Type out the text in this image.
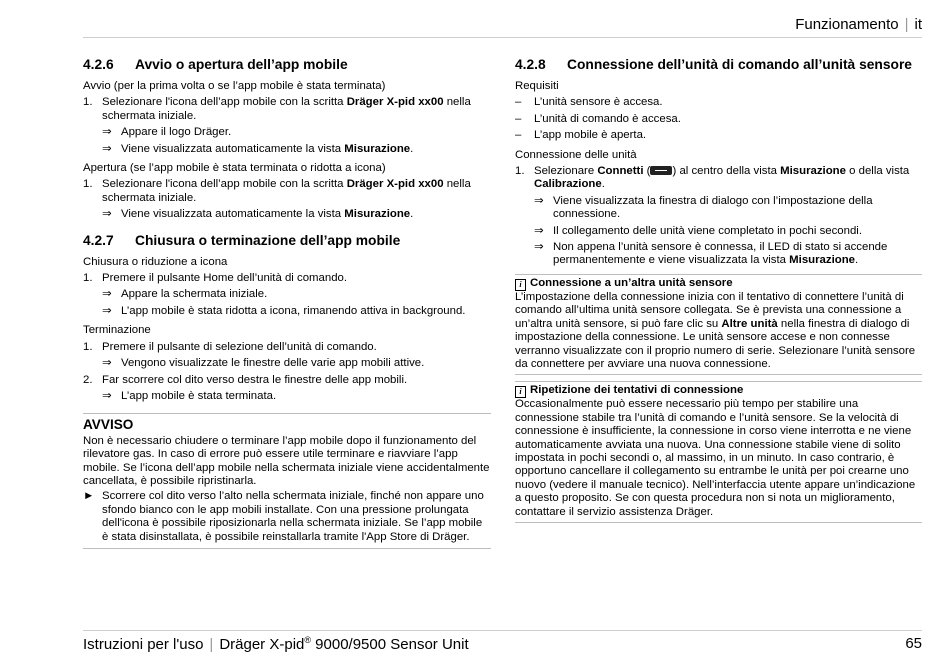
Funzionamento | it
4.2.6 Avvio o apertura dell’app mobile
Avvio (per la prima volta o se l’app mobile è stata terminata)
1. Selezionare l'icona dell’app mobile con la scritta Dräger X-pid xx00 nella schermata iniziale.
⇒ Appare il logo Dräger.
⇒ Viene visualizzata automaticamente la vista Misurazione.
Apertura (se l’app mobile è stata terminata o ridotta a icona)
1. Selezionare l'icona dell’app mobile con la scritta Dräger X-pid xx00 nella schermata iniziale.
⇒ Viene visualizzata automaticamente la vista Misurazione.
4.2.7 Chiusura o terminazione dell’app mobile
Chiusura o riduzione a icona
1. Premere il pulsante Home dell’unità di comando.
⇒ Appare la schermata iniziale.
⇒ L’app mobile è stata ridotta a icona, rimanendo attiva in background.
Terminazione
1. Premere il pulsante di selezione dell’unità di comando.
⇒ Vengono visualizzate le finestre delle varie app mobili attive.
2. Far scorrere col dito verso destra le finestre delle app mobili.
⇒ L’app mobile è stata terminata.
AVVISO
Non è necessario chiudere o terminare l’app mobile dopo il funzionamento del rilevatore gas. In caso di errore può essere utile terminare e riavviare l’app mobile. Se l’icona dell’app mobile nella schermata iniziale viene accidentalmente cancellata, è possibile ripristinarla.
► Scorrere col dito verso l’alto nella schermata iniziale, finché non appare uno sfondo bianco con le app mobili installate. Con una pressione prolungata dell'icona è possibile riposizionarla nella schermata iniziale. Se l’app mobile è stata disinstallata, è possibile reinstallarla tramite l'App Store di Dräger.
4.2.8 Connessione dell’unità di comando all’unità sensore
Requisiti
– L’unità sensore è accesa.
– L’unità di comando è accesa.
– L’app mobile è aperta.
Connessione delle unità
1. Selezionare Connetti ( ) al centro della vista Misurazione o della vista Calibrazione.
⇒ Viene visualizzata la finestra di dialogo con l’impostazione della connessione.
⇒ Il collegamento delle unità viene completato in pochi secondi.
⇒ Non appena l’unità sensore è connessa, il LED di stato si accende permanentemente e viene visualizzata la vista Misurazione.
i Connessione a un’altra unità sensore
L’impostazione della connessione inizia con il tentativo di connettere l’unità di comando all’ultima unità sensore collegata. Se è prevista una connessione a un’altra unità sensore, si può fare clic su Altre unità nella finestra di dialogo di impostazione della connessione. Le unità sensore accese e non connesse verranno visualizzate con il proprio numero di serie. Selezionare l’unità sensore da connettere per avviare una nuova connessione.
i Ripetizione dei tentativi di connessione
Occasionalmente può essere necessario più tempo per stabilire una connessione stabile tra l’unità di comando e l’unità sensore. Se la velocità di connessione è insufficiente, la connessione in corso viene interrotta e ne viene automaticamente avviata una nuova. Una connessione stabile viene di solito impostata in pochi secondi o, al massimo, in un minuto. In caso contrario, è opportuno cancellare il collegamento su entrambe le unità per poi crearne uno nuovo (vedere il manuale tecnico). Nell’interfaccia utente appare un’indicazione a questo proposito. Se con questa procedura non si nota un miglioramento, contattare il servizio assistenza Dräger.
Istruzioni per l'uso | Dräger X-pid® 9000/9500 Sensor Unit	65
